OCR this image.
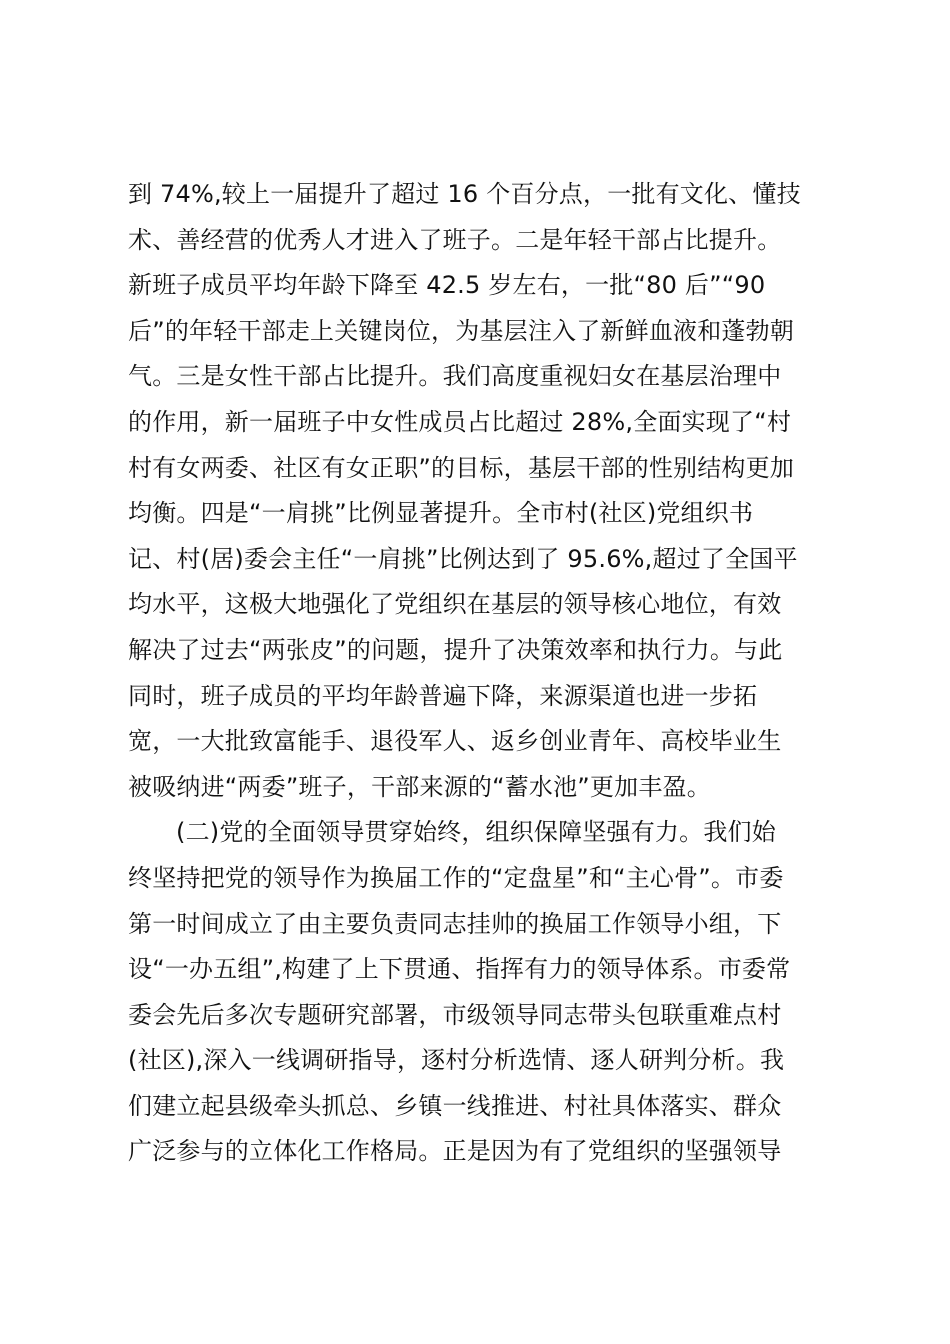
到 74%,较上一届提升了超过 16 个百分点，一批有文化、懂技
术、善经营的优秀人才进入了班子。二是年轻干部占比提升。
新班子成员平均年龄下降至 42.5 岁左右，一批“80 后”“90
后”的年轻干部走上关键岗位，为基层注入了新鲜血液和蓬勃朝
气。三是女性干部占比提升。我们高度重视妇女在基层治理中
的作用，新一届班子中女性成员占比超过 28%,全面实现了“村
村有女两委、社区有女正职”的目标，基层干部的性别结构更加
均衡。四是“一肩挑”比例显著提升。全市村(社区)党组织书
记、村(居)委会主任“一肩挑”比例达到了 95.6%,超过了全国平
均水平，这极大地强化了党组织在基层的领导核心地位，有效
解决了过去“两张皮”的问题，提升了决策效率和执行力。与此
同时，班子成员的平均年龄普遍下降，来源渠道也进一步拓
宽，一大批致富能手、退役军人、返乡创业青年、高校毕业生
被吸纳进“两委”班子，干部来源的“蓄水池”更加丰盈。
(二)党的全面领导贯穿始终，组织保障坚强有力。我们始
终坚持把党的领导作为换届工作的“定盘星”和“主心骨”。市委
第一时间成立了由主要负责同志挂帅的换届工作领导小组，下
设“一办五组”,构建了上下贯通、指挥有力的领导体系。市委常
委会先后多次专题研究部署，市级领导同志带头包联重难点村
(社区),深入一线调研指导，逐村分析选情、逐人研判分析。我
们建立起县级牵头抓总、乡镇一线推进、村社具体落实、群众
广泛参与的立体化工作格局。正是因为有了党组织的坚强领导
